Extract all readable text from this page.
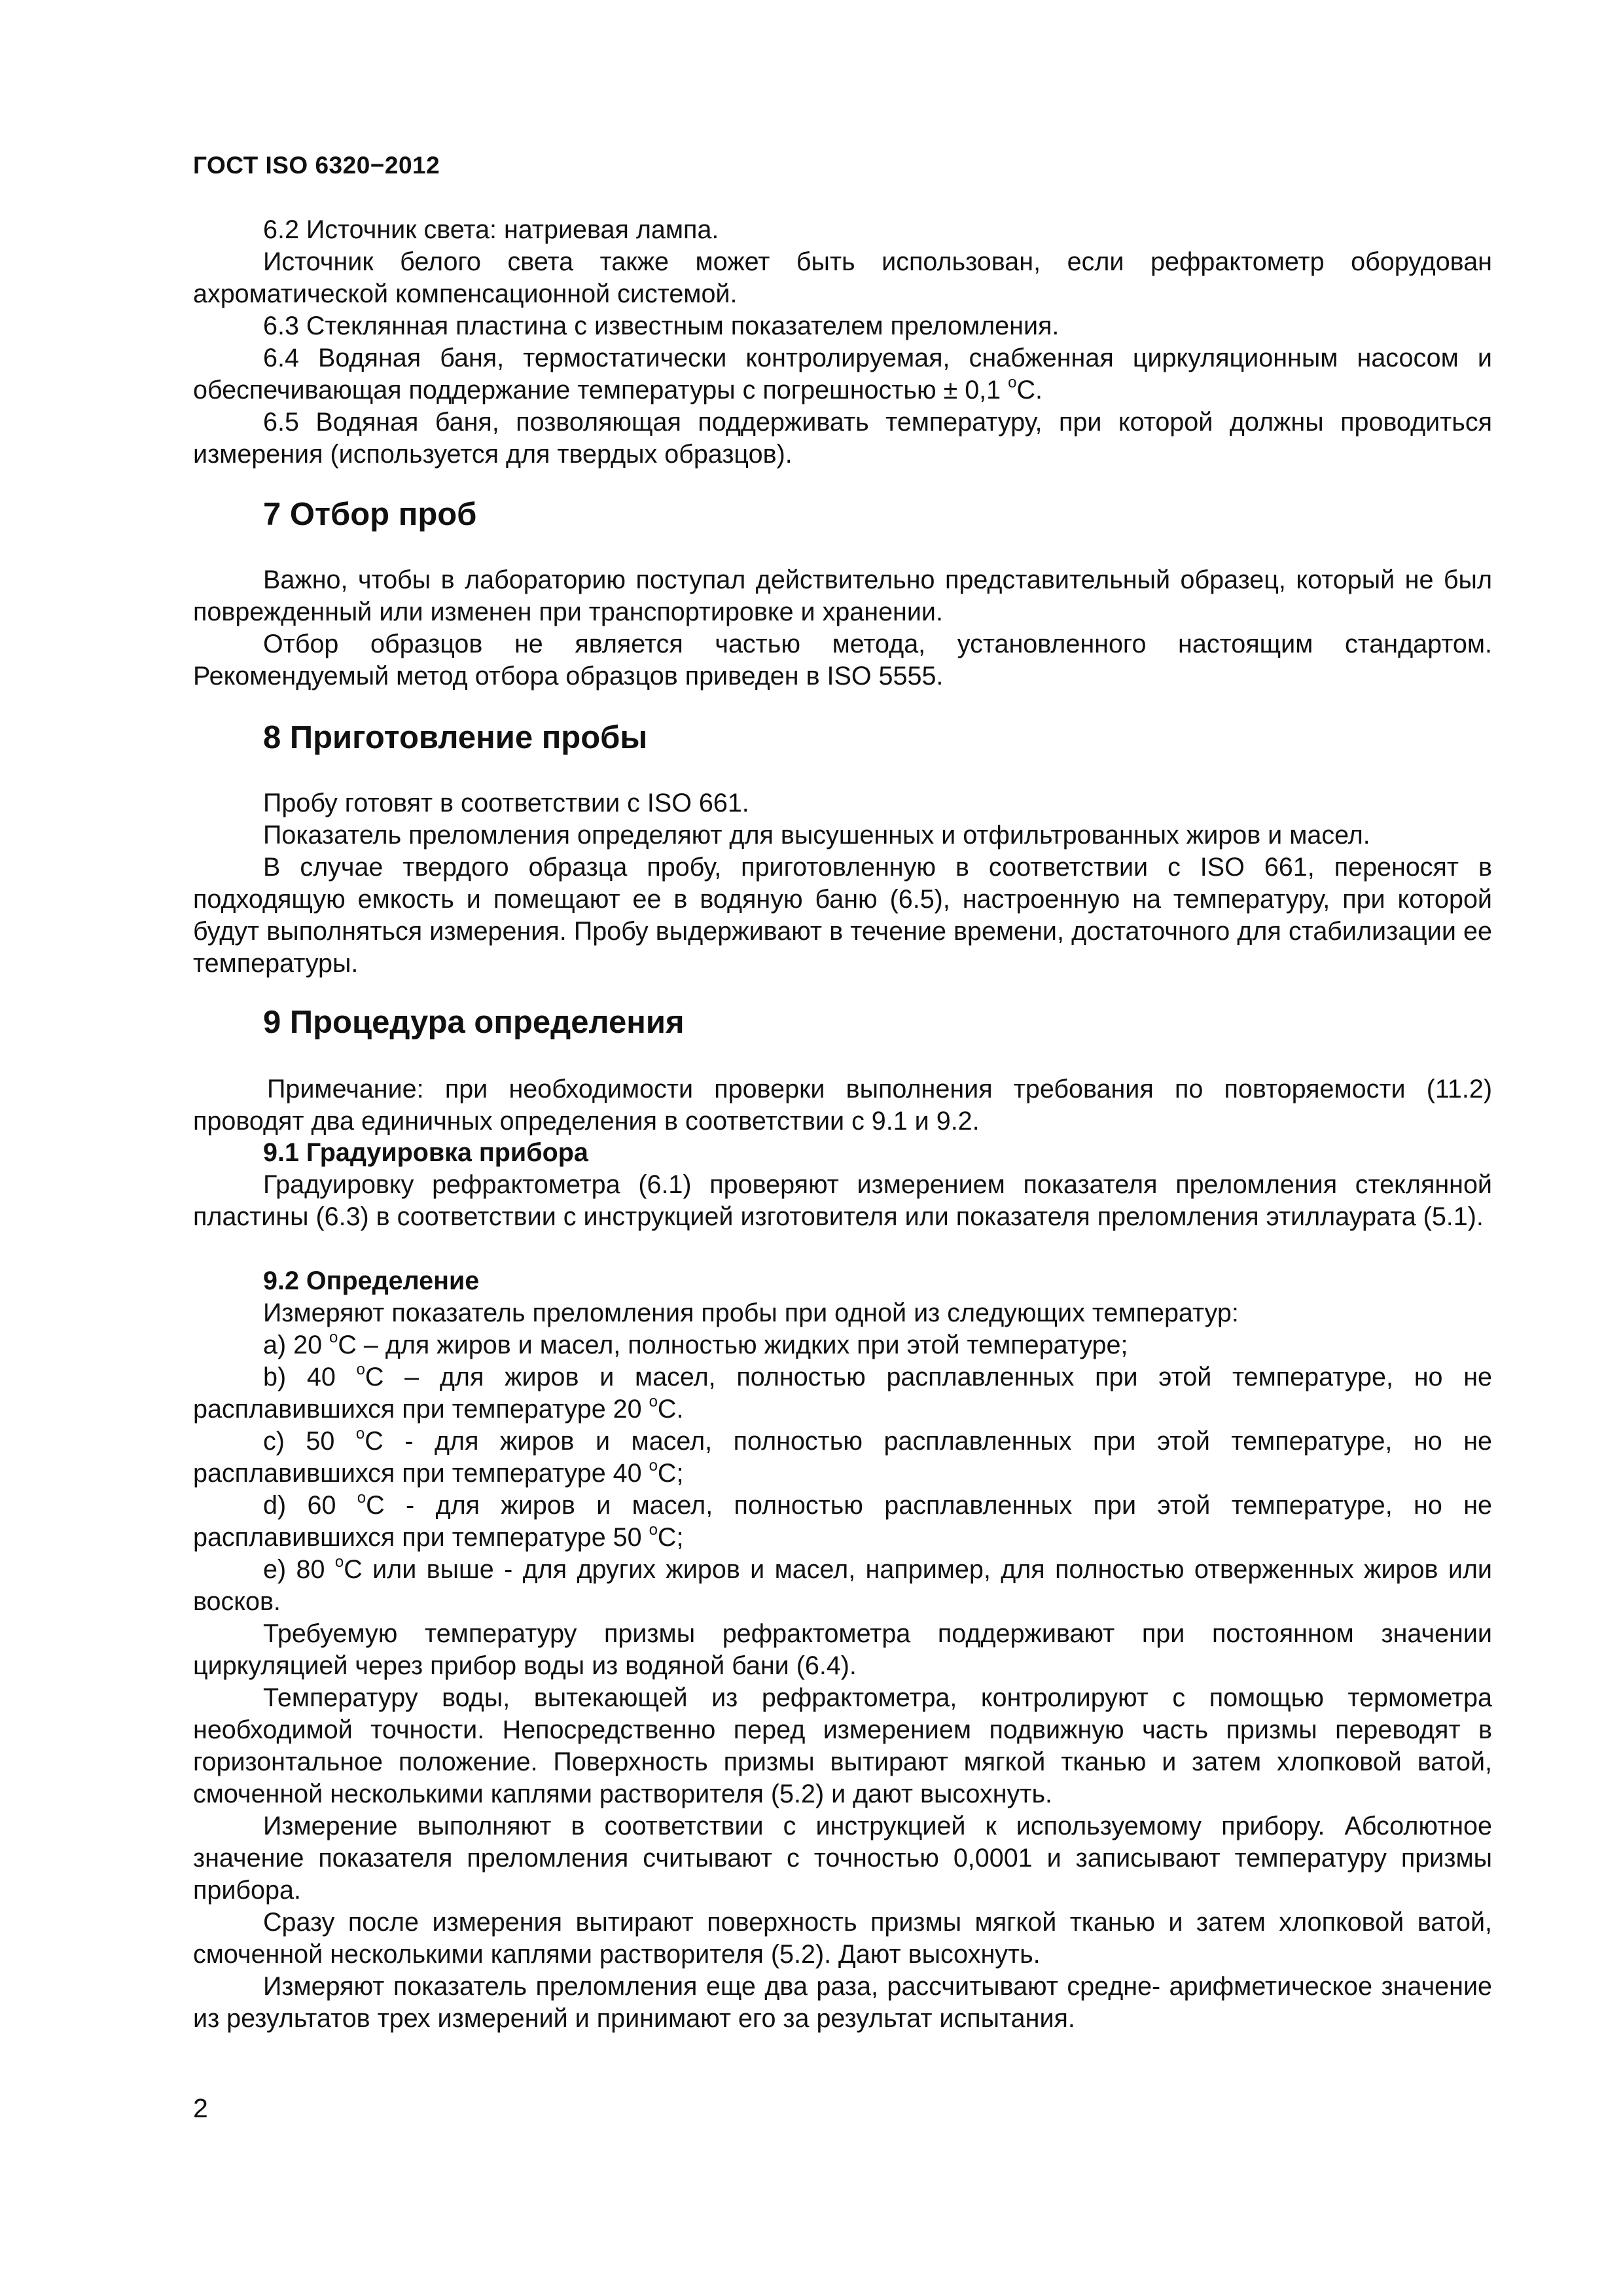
ГОСТ ISO 6320−2012

6.2 Источник света: натриевая лампа.

Источник белого света также может быть использован, если рефрактометр оборудован ахроматической компенсационной системой.

6.3 Стеклянная пластина с известным показателем преломления.

6.4 Водяная баня, термостатически контролируемая, снабженная циркуляционным насосом и обеспечивающая поддержание температуры с погрешностью ± 0,1 $^o$С.

6.5 Водяная баня, позволяющая поддерживать температуру, при которой должны проводиться измерения (используется для твердых образцов).

7 Отбор проб

Важно, чтобы в лабораторию поступал действительно представительный образец, который не был поврежденный или изменен при транспортировке и хранении.

Отбор образцов не является частью метода, установленного настоящим стандартом. Рекомендуемый метод отбора образцов приведен в ISO 5555.

8 Приготовление пробы

Пробу готовят в соответствии с ISO 661.

Показатель преломления определяют для высушенных и отфильтрованных жиров и масел.

В случае твердого образца пробу, приготовленную в соответствии с ISO 661, переносят в подходящую емкость и помещают ее в водяную баню (6.5), настроенную на температуру, при которой будут выполняться измерения. Пробу выдерживают в течение времени, достаточного для стабилизации ее температуры.

9 Процедура определения

Примечание: при необходимости проверки выполнения требования по повторяемости (11.2) проводят два единичных определения в соответствии с 9.1 и 9.2.

9.1 Градуировка прибора

Градуировку рефрактометра (6.1) проверяют измерением показателя преломления стеклянной пластины (6.3) в соответствии с инструкцией изготовителя или показателя преломления этиллаурата (5.1).

9.2 Определение

Измеряют показатель преломления пробы при одной из следующих температур:

а) 20 $^o$С – для жиров и масел, полностью жидких при этой температуре;

b) 40 $^o$С – для жиров и масел, полностью расплавленных при этой температуре, но не расплавившихся при температуре 20 $^o$С.

c) 50 $^o$С - для жиров и масел, полностью расплавленных при этой температуре, но не расплавившихся при температуре 40 $^o$С;

d) 60 $^o$С - для жиров и масел, полностью расплавленных при этой температуре, но не расплавившихся при температуре 50 $^o$С;

e) 80 $^o$С или выше - для других жиров и масел, например, для полностью отверженных жиров или восков.

Требуемую температуру призмы рефрактометра поддерживают при постоянном значении циркуляцией через прибор воды из водяной бани (6.4).

Температуру воды, вытекающей из рефрактометра, контролируют с помощью термометра необходимой точности. Непосредственно перед измерением подвижную часть призмы переводят в горизонтальное положение. Поверхность призмы вытирают мягкой тканью и затем хлопковой ватой, смоченной несколькими каплями растворителя (5.2) и дают высохнуть.

Измерение выполняют в соответствии с инструкцией к используемому прибору. Абсолютное значение показателя преломления считывают с точностью 0,0001 и записывают температуру призмы прибора.

Сразу после измерения вытирают поверхность призмы мягкой тканью и затем хлопковой ватой, смоченной несколькими каплями растворителя (5.2). Дают высохнуть.

Измеряют показатель преломления еще два раза, рассчитывают средне- арифметическое значение из результатов трех измерений и принимают его за результат испытания.

2
